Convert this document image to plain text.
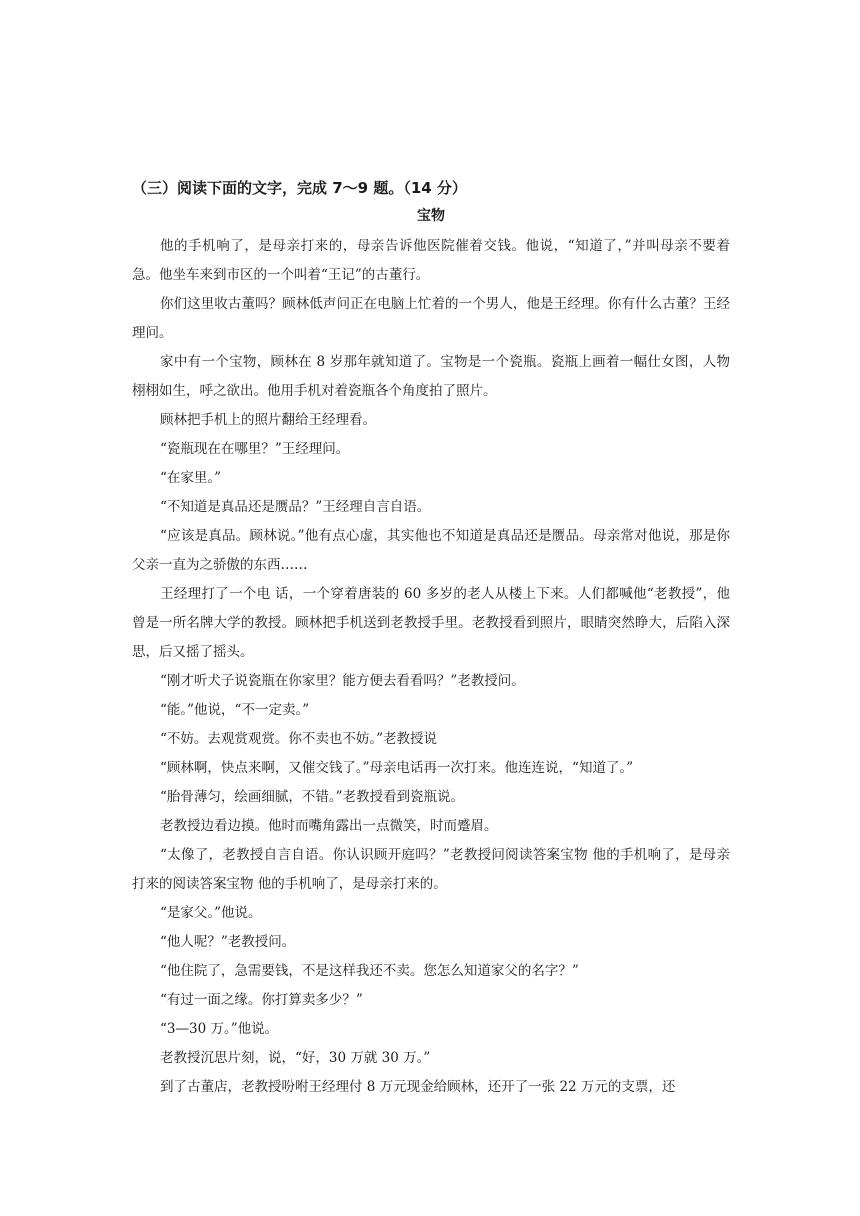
（三）阅读下面的文字，完成 7～9 题。（14 分）
宝物

他的手机响了，是母亲打来的，母亲告诉他医院催着交钱。他说，“知道了，”并叫母亲不要着急。他坐车来到市区的一个叫着“王记”的古董行。

你们这里收古董吗？顾林低声问正在电脑上忙着的一个男人，他是王经理。你有什么古董？王经理问。

家中有一个宝物，顾林在 8 岁那年就知道了。宝物是一个瓷瓶。瓷瓶上画着一幅仕女图，人物栩栩如生，呼之欲出。他用手机对着瓷瓶各个角度拍了照片。

顾林把手机上的照片翻给王经理看。

“瓷瓶现在在哪里？”王经理问。

“在家里。”

“不知道是真品还是赝品？”王经理自言自语。

“应该是真品。顾林说。”他有点心虚，其实他也不知道是真品还是赝品。母亲常对他说，那是你父亲一直为之骄傲的东西……

王经理打了一个电 话，一个穿着唐装的 60 多岁的老人从楼上下来。人们都喊他“老教授”，他曾是一所名牌大学的教授。顾林把手机送到老教授手里。老教授看到照片，眼睛突然睁大，后陷入深思，后又摇了摇头。

“刚才听犬子说瓷瓶在你家里？能方便去看看吗？”老教授问。

“能。”他说，“不一定卖。”

“不妨。去观赏观赏。你不卖也不妨。”老教授说

“顾林啊，快点来啊，又催交钱了。”母亲电话再一次打来。他连连说，“知道了。”

“胎骨薄匀，绘画细腻，不错。”老教授看到瓷瓶说。

老教授边看边摸。他时而嘴角露出一点微笑，时而蹙眉。

“太像了，老教授自言自语。你认识顾开庭吗？”老教授问阅读答案宝物 他的手机响了，是母亲打来的阅读答案宝物 他的手机响了，是母亲打来的。

“是家父。”他说。

“他人呢？”老教授问。

“他住院了，急需要钱，不是这样我还不卖。您怎么知道家父的名字？”

“有过一面之缘。你打算卖多少？”

“3—30 万。”他说。

老教授沉思片刻，说，“好，30 万就 30 万。”

到了古董店，老教授吩咐王经理付 8 万元现金给顾林，还开了一张 22 万元的支票，还
